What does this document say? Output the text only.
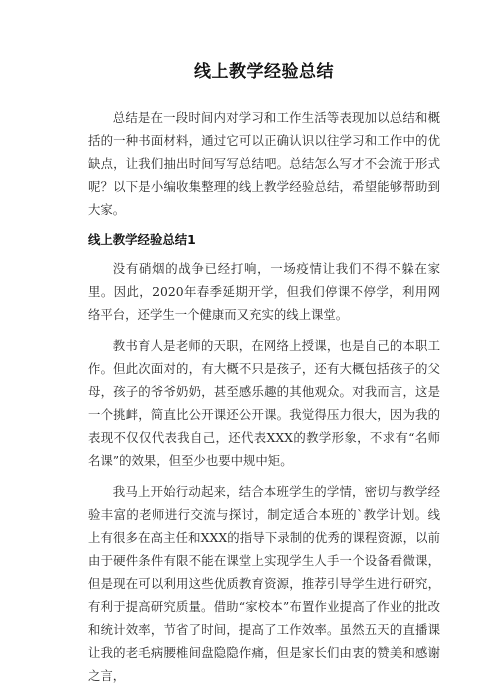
线上教学经验总结

总结是在一段时间内对学习和工作生活等表现加以总结和概括的一种书面材料，通过它可以正确认识以往学习和工作中的优缺点，让我们抽出时间写写总结吧。总结怎么写才不会流于形式呢？以下是小编收集整理的线上教学经验总结，希望能够帮助到大家。

线上教学经验总结1

没有硝烟的战争已经打响，一场疫情让我们不得不躲在家里。因此，2020年春季延期开学，但我们停课不停学，利用网络平台，还学生一个健康而又充实的线上课堂。

教书育人是老师的天职，在网络上授课，也是自己的本职工作。但此次面对的，有大概不只是孩子，还有大概包括孩子的父母，孩子的爷爷奶奶，甚至感乐趣的其他观众。对我而言，这是一个挑衅，简直比公开课还公开课。我觉得压力很大，因为我的表现不仅仅代表我自己，还代表XXX的教学形象，不求有“名师名课”的效果，但至少也要中规中矩。

我马上开始行动起来，结合本班学生的学情，密切与教学经验丰富的老师进行交流与探讨，制定适合本班的`教学计划。线上有很多在高主任和XXX的指导下录制的优秀的课程资源，以前由于硬件条件有限不能在课堂上实现学生人手一个设备看微课，但是现在可以利用这些优质教育资源，推荐引导学生进行研究，有利于提高研究质量。借助“家校本”布置作业提高了作业的批改和统计效率，节省了时间，提高了工作效率。虽然五天的直播课让我的老毛病腰椎间盘隐隐作痛，但是家长们由衷的赞美和感谢之言，
